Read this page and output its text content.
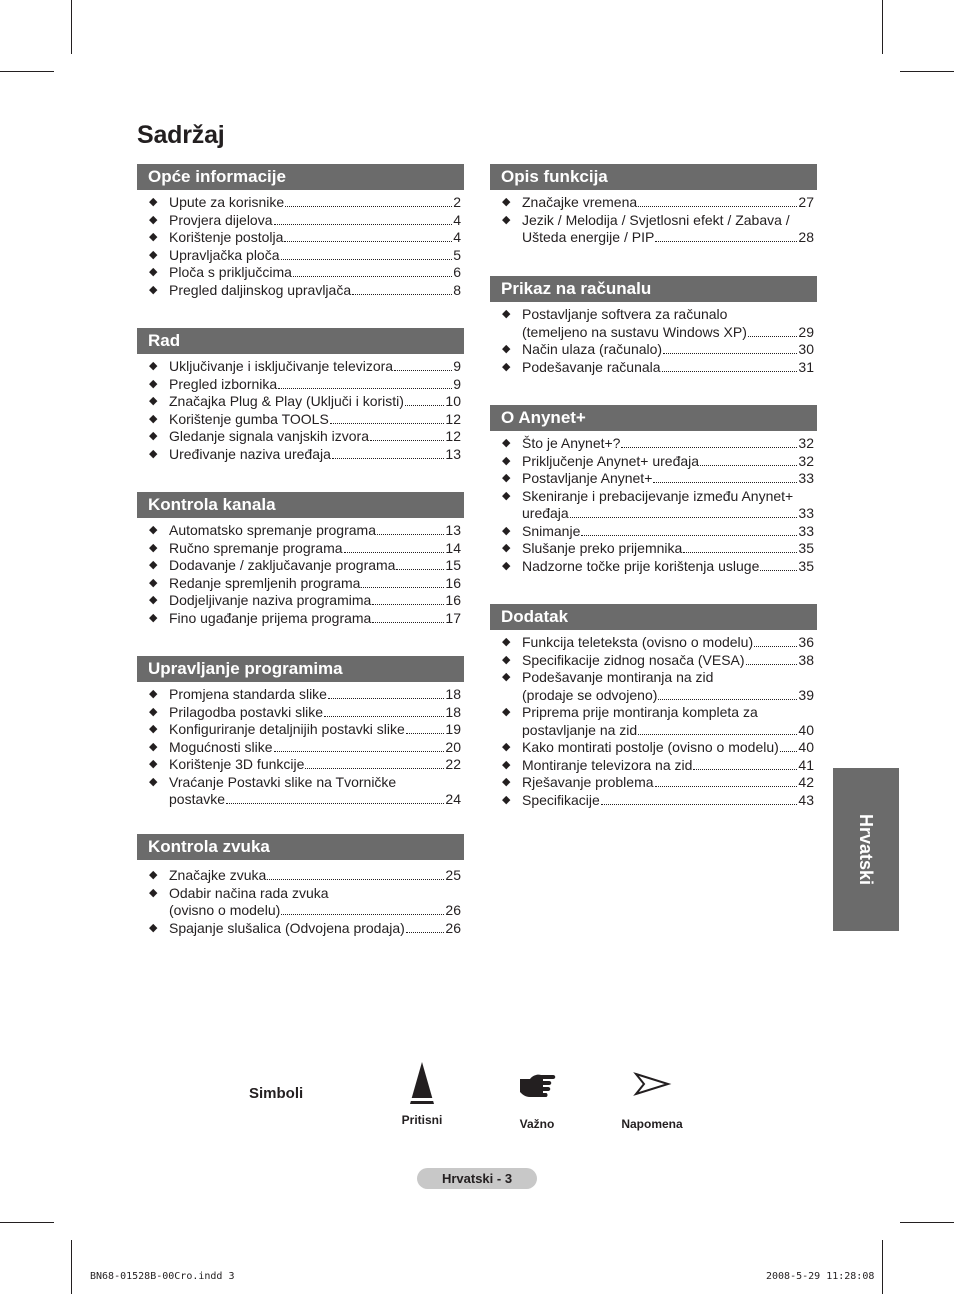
Sadržaj
Opće informacije
◆ Upute za korisnike	2
◆ Provjera dijelova	4
◆ Korištenje postolja	4
◆ Upravljačka ploča	5
◆ Ploča s priključcima	6
◆ Pregled daljinskog upravljača	8
Rad
◆ Uključivanje i isključivanje televizora	9
◆ Pregled izbornika	9
◆ Značajka Plug & Play (Uključi i koristi)	10
◆ Korištenje gumba TOOLS	12
◆ Gledanje signala vanjskih izvora	12
◆ Uređivanje naziva uređaja	13
Kontrola kanala
◆ Automatsko spremanje programa	13
◆ Ručno spremanje programa	14
◆ Dodavanje / zaključavanje programa	15
◆ Redanje spremljenih programa	16
◆ Dodjeljivanje naziva programima	16
◆ Fino ugađanje prijema programa	17
Upravljanje programima
◆ Promjena standarda slike	18
◆ Prilagodba postavki slike	18
◆ Konfiguriranje detaljnijih postavki slike	19
◆ Mogućnosti slike	20
◆ Korištenje 3D funkcije	22
◆ Vraćanje Postavki slike na Tvorničke
postavke	24
Kontrola zvuka
◆ Značajke zvuka	25
◆ Odabir načina rada zvuka
(ovisno o modelu)	26
◆ Spajanje slušalica (Odvojena prodaja)	26
Opis funkcija
◆ Značajke vremena	27
◆ Jezik / Melodija / Svjetlosni efekt / Zabava /
Ušteda energije / PIP	28
Prikaz na računalu
◆ Postavljanje softvera za računalo
(temeljeno na sustavu Windows XP)	29
◆ Način ulaza (računalo)	30
◆ Podešavanje računala	31
O Anynet+
◆ Što je Anynet+?	32
◆ Priključenje Anynet+ uređaja	32
◆ Postavljanje Anynet+	33
◆ Skeniranje i prebacijevanje između Anynet+
uređaja	33
◆ Snimanje	33
◆ Slušanje preko prijemnika	35
◆ Nadzorne točke prije korištenja usluge	35
Dodatak
◆ Funkcija teleteksta (ovisno o modelu)	36
◆ Specifikacije zidnog nosača (VESA)	38
◆ Podešavanje montiranja na zid
(prodaje se odvojeno)	39
◆ Priprema prije montiranja kompleta za
postavljanje na zid	40
◆ Kako montirati postolje (ovisno o modelu) 40
◆ Montiranje televizora na zid	41
◆ Rješavanje problema	42
◆ Specifikacije	43
Hrvatski
Simboli
Pritisni	Važno	Napomena
Hrvatski - 3
BN68-01528B-00Cro.indd 3	2008-5-29 11:28:08
